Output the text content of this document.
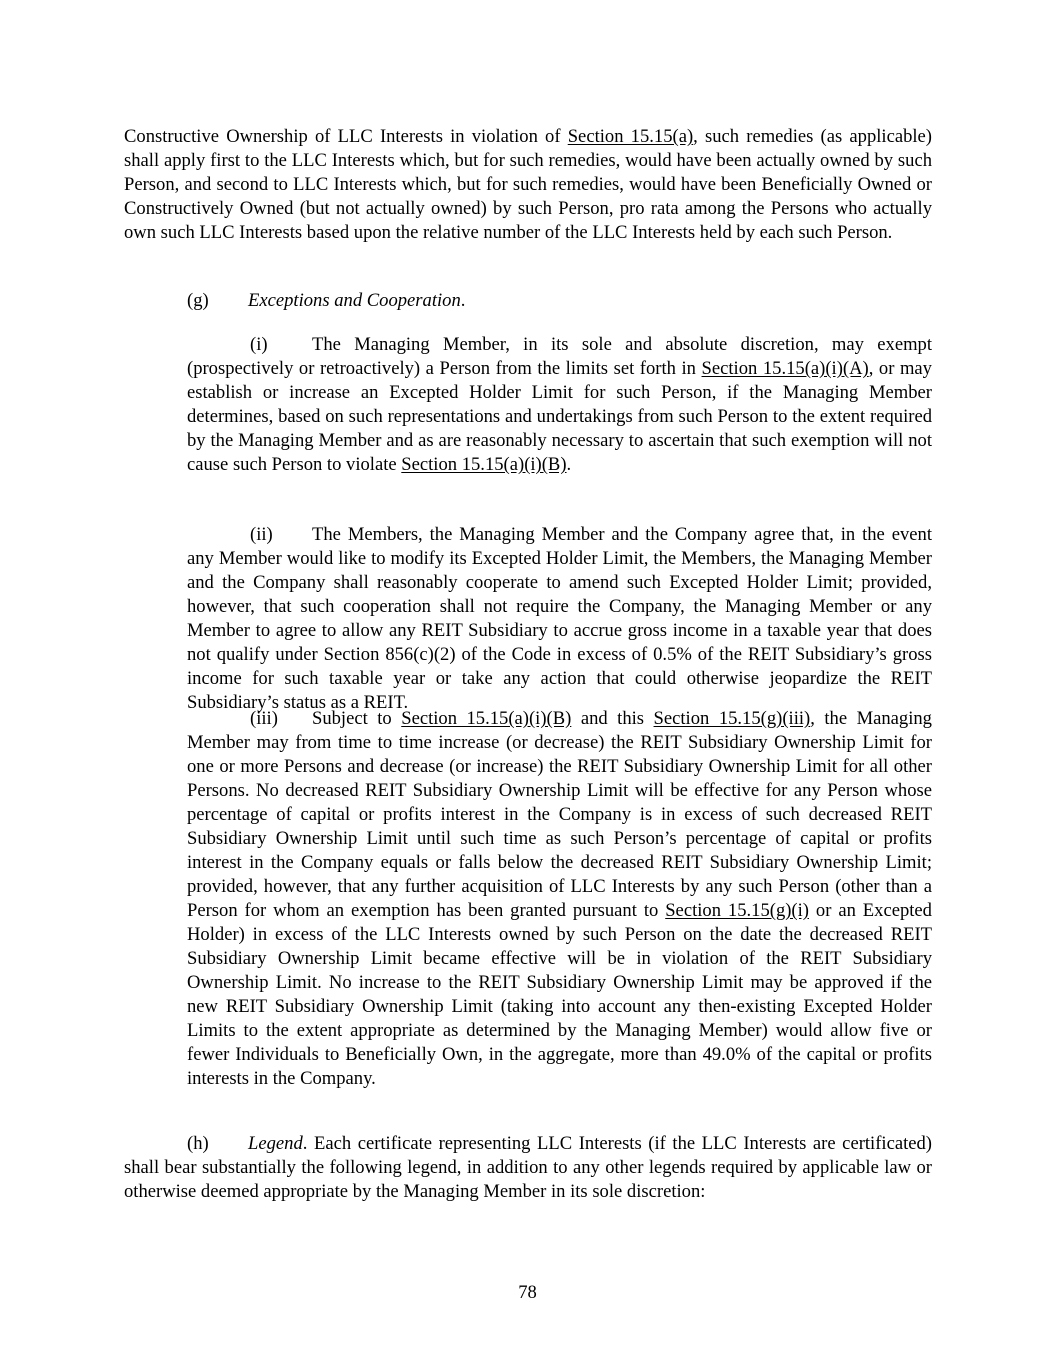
Constructive Ownership of LLC Interests in violation of Section 15.15(a), such remedies (as applicable) shall apply first to the LLC Interests which, but for such remedies, would have been actually owned by such Person, and second to LLC Interests which, but for such remedies, would have been Beneficially Owned or Constructively Owned (but not actually owned) by such Person, pro rata among the Persons who actually own such LLC Interests based upon the relative number of the LLC Interests held by each such Person.

(g) Exceptions and Cooperation.

(i) The Managing Member, in its sole and absolute discretion, may exempt (prospectively or retroactively) a Person from the limits set forth in Section 15.15(a)(i)(A), or may establish or increase an Excepted Holder Limit for such Person, if the Managing Member determines, based on such representations and undertakings from such Person to the extent required by the Managing Member and as are reasonably necessary to ascertain that such exemption will not cause such Person to violate Section 15.15(a)(i)(B).

(ii) The Members, the Managing Member and the Company agree that, in the event any Member would like to modify its Excepted Holder Limit, the Members, the Managing Member and the Company shall reasonably cooperate to amend such Excepted Holder Limit; provided, however, that such cooperation shall not require the Company, the Managing Member or any Member to agree to allow any REIT Subsidiary to accrue gross income in a taxable year that does not qualify under Section 856(c)(2) of the Code in excess of 0.5% of the REIT Subsidiary’s gross income for such taxable year or take any action that could otherwise jeopardize the REIT Subsidiary’s status as a REIT.

(iii) Subject to Section 15.15(a)(i)(B) and this Section 15.15(g)(iii), the Managing Member may from time to time increase (or decrease) the REIT Subsidiary Ownership Limit for one or more Persons and decrease (or increase) the REIT Subsidiary Ownership Limit for all other Persons. No decreased REIT Subsidiary Ownership Limit will be effective for any Person whose percentage of capital or profits interest in the Company is in excess of such decreased REIT Subsidiary Ownership Limit until such time as such Person’s percentage of capital or profits interest in the Company equals or falls below the decreased REIT Subsidiary Ownership Limit; provided, however, that any further acquisition of LLC Interests by any such Person (other than a Person for whom an exemption has been granted pursuant to Section 15.15(g)(i) or an Excepted Holder) in excess of the LLC Interests owned by such Person on the date the decreased REIT Subsidiary Ownership Limit became effective will be in violation of the REIT Subsidiary Ownership Limit. No increase to the REIT Subsidiary Ownership Limit may be approved if the new REIT Subsidiary Ownership Limit (taking into account any then-existing Excepted Holder Limits to the extent appropriate as determined by the Managing Member) would allow five or fewer Individuals to Beneficially Own, in the aggregate, more than 49.0% of the capital or profits interests in the Company.

(h) Legend. Each certificate representing LLC Interests (if the LLC Interests are certificated) shall bear substantially the following legend, in addition to any other legends required by applicable law or otherwise deemed appropriate by the Managing Member in its sole discretion:

78
